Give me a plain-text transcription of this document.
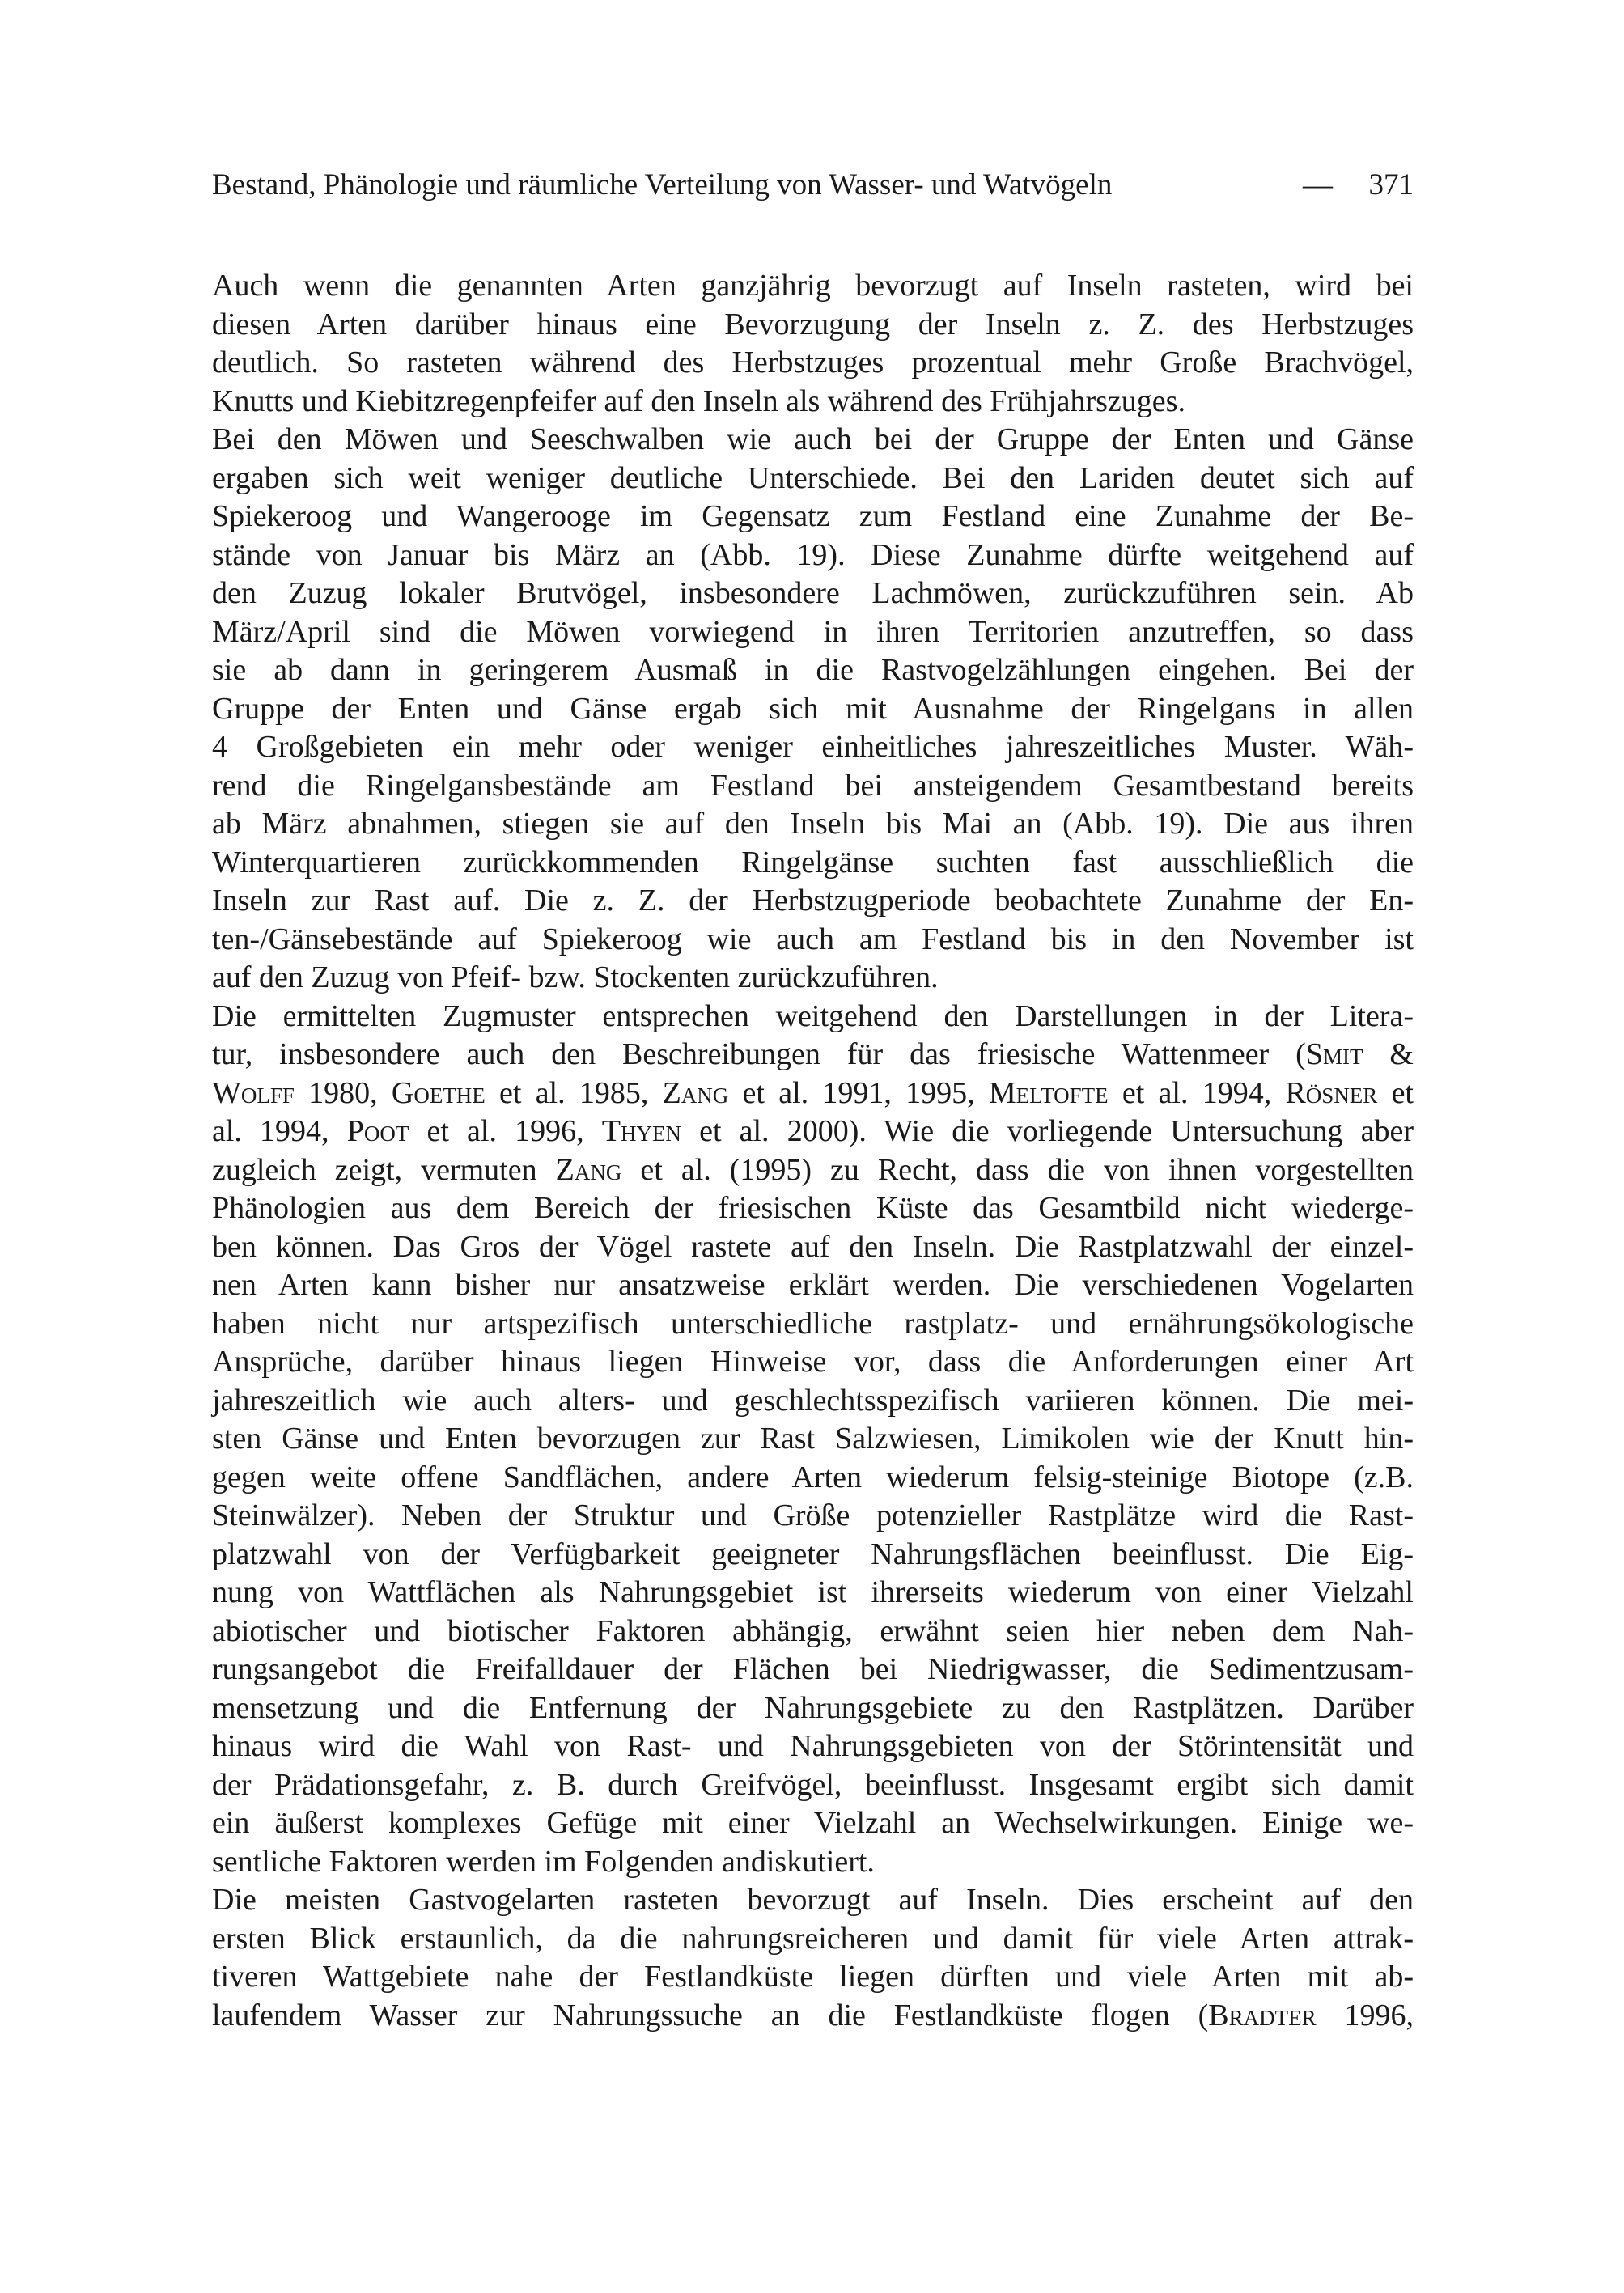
Bestand, Phänologie und räumliche Verteilung von Wasser- und Watvögeln	— 371
Auch wenn die genannten Arten ganzjährig bevorzugt auf Inseln rasteten, wird bei
diesen Arten darüber hinaus eine Bevorzugung der Inseln z. Z. des Herbstzuges
deutlich. So rasteten während des Herbstzuges prozentual mehr Große Brachvögel,
Knutts und Kiebitzregenpfeifer auf den Inseln als während des Frühjahrszuges.
Bei den Möwen und Seeschwalben wie auch bei der Gruppe der Enten und Gänse
ergaben sich weit weniger deutliche Unterschiede. Bei den Lariden deutet sich auf
Spiekeroog und Wangerooge im Gegensatz zum Festland eine Zunahme der Be-
stände von Januar bis März an (Abb. 19). Diese Zunahme dürfte weitgehend auf
den Zuzug lokaler Brutvögel, insbesondere Lachmöwen, zurückzuführen sein. Ab
März/April sind die Möwen vorwiegend in ihren Territorien anzutreffen, so dass
sie ab dann in geringerem Ausmaß in die Rastvogelzählungen eingehen. Bei der
Gruppe der Enten und Gänse ergab sich mit Ausnahme der Ringelgans in allen
4 Großgebieten ein mehr oder weniger einheitliches jahreszeitliches Muster. Wäh-
rend die Ringelgansbestände am Festland bei ansteigendem Gesamtbestand bereits
ab März abnahmen, stiegen sie auf den Inseln bis Mai an (Abb. 19). Die aus ihren
Winterquartieren zurückkommenden Ringelgänse suchten fast ausschließlich die
Inseln zur Rast auf. Die z. Z. der Herbstzugperiode beobachtete Zunahme der En-
ten-/Gänsebestände auf Spiekeroog wie auch am Festland bis in den November ist
auf den Zuzug von Pfeif- bzw. Stockenten zurückzuführen.
Die ermittelten Zugmuster entsprechen weitgehend den Darstellungen in der Litera-
tur, insbesondere auch den Beschreibungen für das friesische Wattenmeer (Smit &
Wolff 1980, Goethe et al. 1985, Zang et al. 1991, 1995, Meltofte et al. 1994, Rösner et
al. 1994, Poot et al. 1996, Thyen et al. 2000). Wie die vorliegende Untersuchung aber
zugleich zeigt, vermuten Zang et al. (1995) zu Recht, dass die von ihnen vorgestellten
Phänologien aus dem Bereich der friesischen Küste das Gesamtbild nicht wiederge-
ben können. Das Gros der Vögel rastete auf den Inseln. Die Rastplatzwahl der einzel-
nen Arten kann bisher nur ansatzweise erklärt werden. Die verschiedenen Vogelarten
haben nicht nur artspezifisch unterschiedliche rastplatz- und ernährungsökologische
Ansprüche, darüber hinaus liegen Hinweise vor, dass die Anforderungen einer Art
jahreszeitlich wie auch alters- und geschlechtsspezifisch variieren können. Die mei-
sten Gänse und Enten bevorzugen zur Rast Salzwiesen, Limikolen wie der Knutt hin-
gegen weite offene Sandflächen, andere Arten wiederum felsig-steinige Biotope (z.B.
Steinwälzer). Neben der Struktur und Größe potenzieller Rastplätze wird die Rast-
platzwahl von der Verfügbarkeit geeigneter Nahrungsflächen beeinflusst. Die Eig-
nung von Wattflächen als Nahrungsgebiet ist ihrerseits wiederum von einer Vielzahl
abiotischer und biotischer Faktoren abhängig, erwähnt seien hier neben dem Nah-
rungsangebot die Freifalldauer der Flächen bei Niedrigwasser, die Sedimentzusam-
mensetzung und die Entfernung der Nahrungsgebiete zu den Rastplätzen. Darüber
hinaus wird die Wahl von Rast- und Nahrungsgebieten von der Störintensität und
der Prädationsgefahr, z. B. durch Greifvögel, beeinflusst. Insgesamt ergibt sich damit
ein äußerst komplexes Gefüge mit einer Vielzahl an Wechselwirkungen. Einige we-
sentliche Faktoren werden im Folgenden andiskutiert.
Die meisten Gastvogelarten rasteten bevorzugt auf Inseln. Dies erscheint auf den
ersten Blick erstaunlich, da die nahrungsreicheren und damit für viele Arten attrak-
tiveren Wattgebiete nahe der Festlandküste liegen dürften und viele Arten mit ab-
laufendem Wasser zur Nahrungssuche an die Festlandküste flogen (Bradter 1996,
